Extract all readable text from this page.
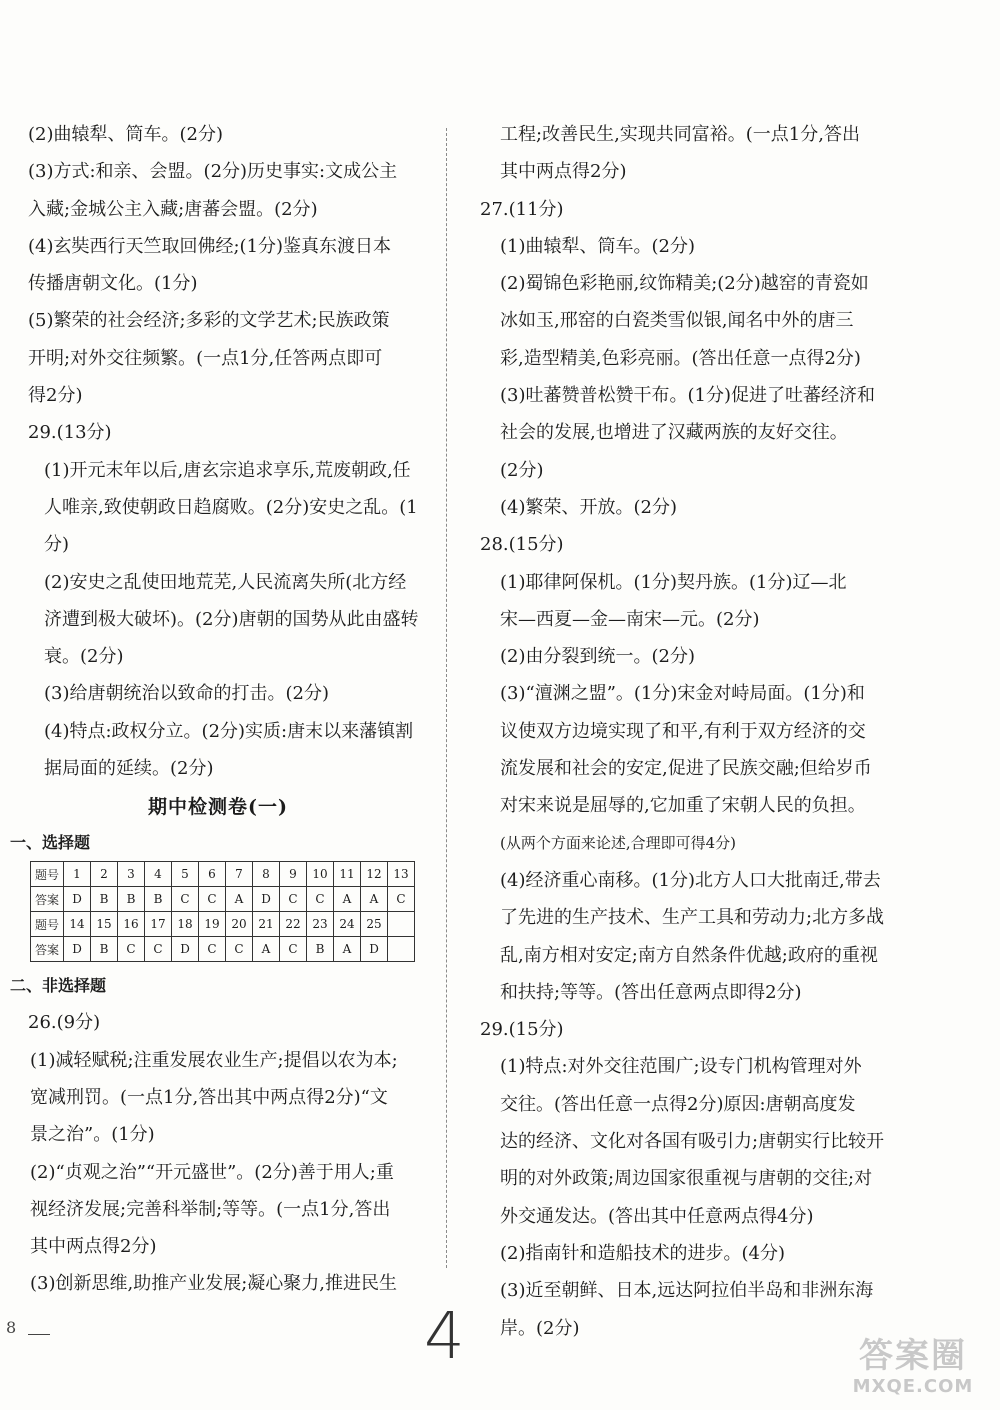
(2)曲辕犁、筒车。(2分)
(3)方式:和亲、会盟。(2分)历史事实:文成公主
入藏;金城公主入藏;唐蕃会盟。(2分)
(4)玄奘西行天竺取回佛经;(1分)鉴真东渡日本
传播唐朝文化。(1分)
(5)繁荣的社会经济;多彩的文学艺术;民族政策
开明;对外交往频繁。(一点1分,任答两点即可
得2分)
29.(13分)
(1)开元末年以后,唐玄宗追求享乐,荒废朝政,任
人唯亲,致使朝政日趋腐败。(2分)安史之乱。(1
分)
(2)安史之乱使田地荒芜,人民流离失所(北方经
济遭到极大破坏)。(2分)唐朝的国势从此由盛转
衰。(2分)
(3)给唐朝统治以致命的打击。(2分)
(4)特点:政权分立。(2分)实质:唐末以来藩镇割
据局面的延续。(2分)
期中检测卷(一)
一、选择题
题号	1	2	3	4	5	6	7	8	9	10	11	12	13
答案	D	B	B	B	C	C	A	D	C	C	A	A	C
题号	14	15	16	17	18	19	20	21	22	23	24	25	
答案	D	B	C	C	D	C	C	A	C	B	A	D	
二、非选择题
26.(9分)
(1)减轻赋税;注重发展农业生产;提倡以农为本;
宽减刑罚。(一点1分,答出其中两点得2分)“文
景之治”。(1分)
(2)“贞观之治”“开元盛世”。(2分)善于用人;重
视经济发展;完善科举制;等等。(一点1分,答出
其中两点得2分)
(3)创新思维,助推产业发展;凝心聚力,推进民生
工程;改善民生,实现共同富裕。(一点1分,答出
其中两点得2分)
27.(11分)
(1)曲辕犁、筒车。(2分)
(2)蜀锦色彩艳丽,纹饰精美;(2分)越窑的青瓷如
冰如玉,邢窑的白瓷类雪似银,闻名中外的唐三
彩,造型精美,色彩亮丽。(答出任意一点得2分)
(3)吐蕃赞普松赞干布。(1分)促进了吐蕃经济和
社会的发展,也增进了汉藏两族的友好交往。
(2分)
(4)繁荣、开放。(2分)
28.(15分)
(1)耶律阿保机。(1分)契丹族。(1分)辽—北
宋—西夏—金—南宋—元。(2分)
(2)由分裂到统一。(2分)
(3)“澶渊之盟”。(1分)宋金对峙局面。(1分)和
议使双方边境实现了和平,有利于双方经济的交
流发展和社会的安定,促进了民族交融;但给岁币
对宋来说是屈辱的,它加重了宋朝人民的负担。
(从两个方面来论述,合理即可得4分)
(4)经济重心南移。(1分)北方人口大批南迁,带去
了先进的生产技术、生产工具和劳动力;北方多战
乱,南方相对安定;南方自然条件优越;政府的重视
和扶持;等等。(答出任意两点即得2分)
29.(15分)
(1)特点:对外交往范围广;设专门机构管理对外
交往。(答出任意一点得2分)原因:唐朝高度发
达的经济、文化对各国有吸引力;唐朝实行比较开
明的对外政策;周边国家很重视与唐朝的交往;对
外交通发达。(答出其中任意两点得4分)
(2)指南针和造船技术的进步。(4分)
(3)近至朝鲜、日本,远达阿拉伯半岛和非洲东海
岸。(2分)
8	4	答案圈
MXQE.COM
